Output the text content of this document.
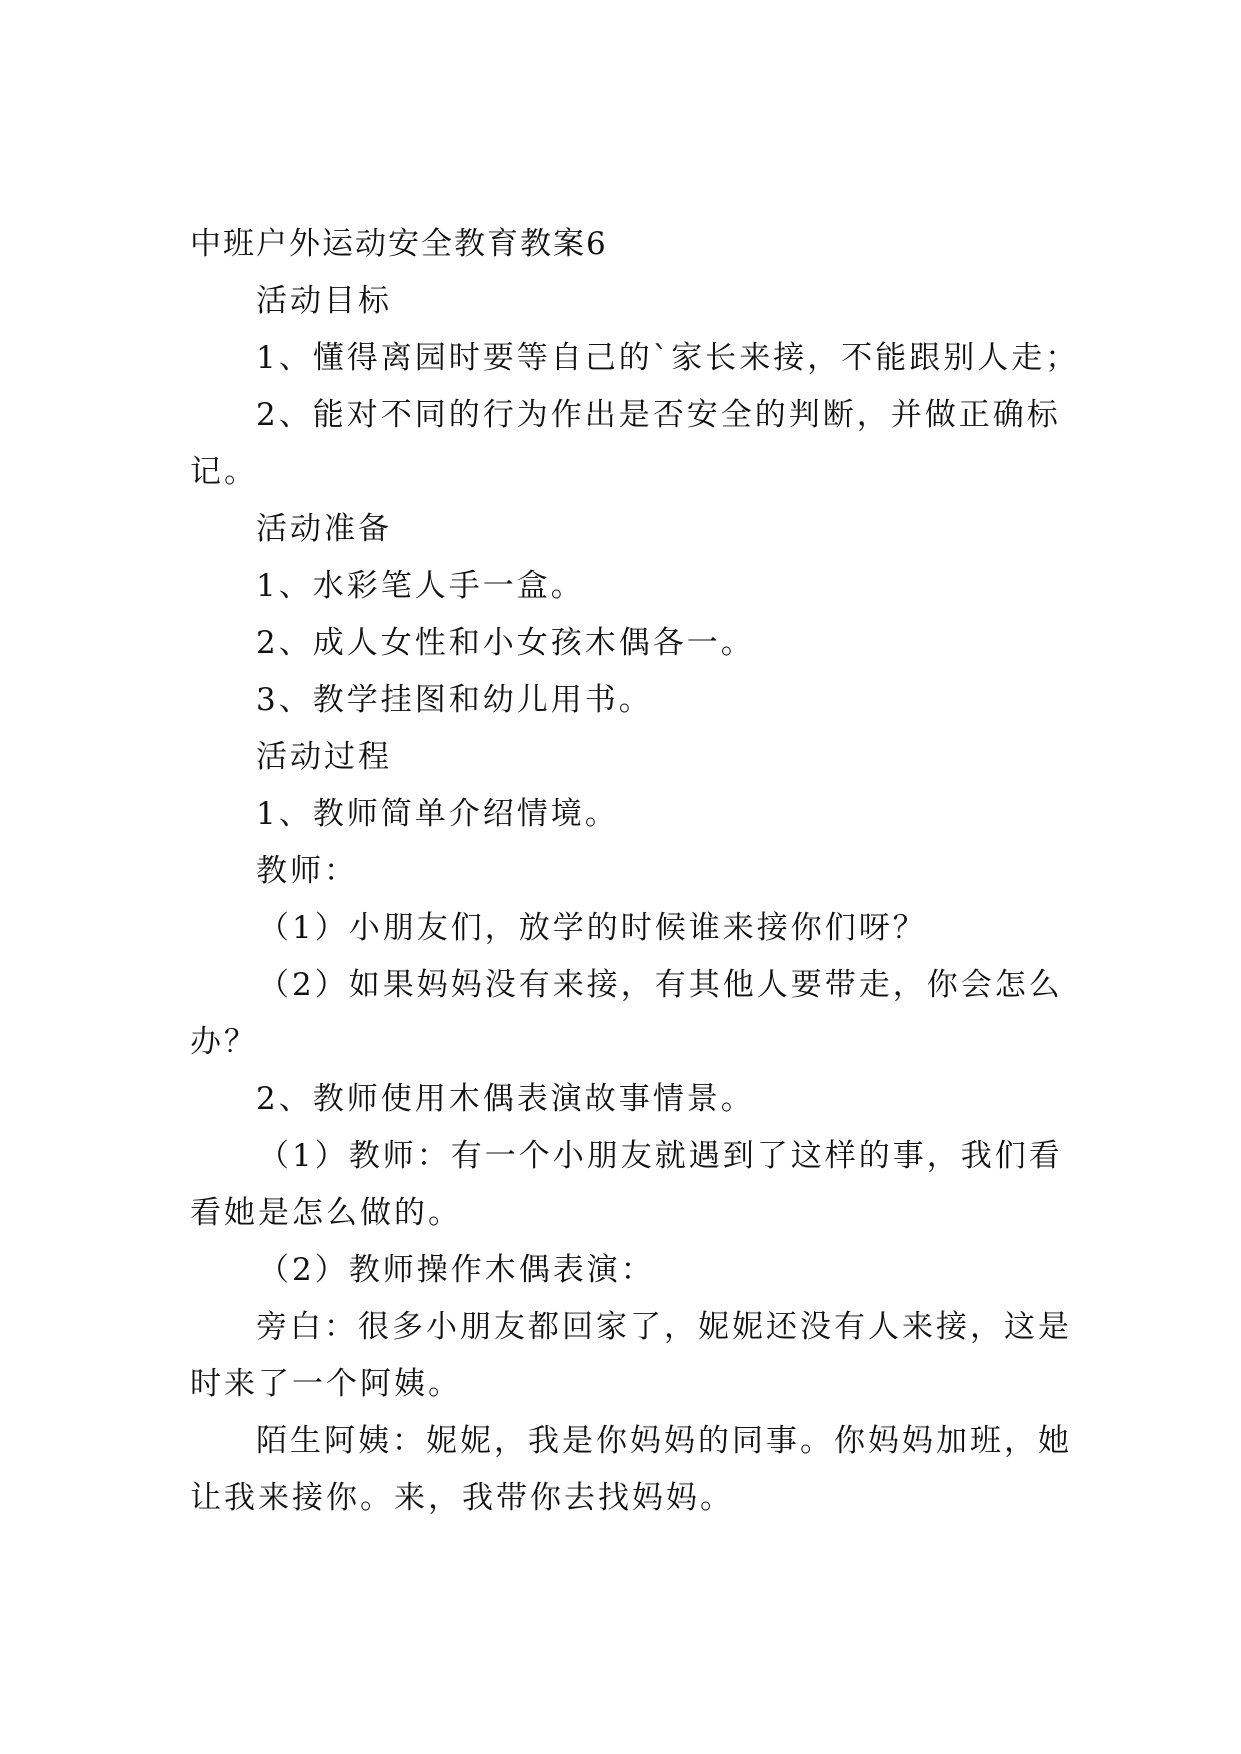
中班户外运动安全教育教案6
活动目标
1、懂得离园时要等自己的`家长来接，不能跟别人走；
2、能对不同的行为作出是否安全的判断，并做正确标
记。
活动准备
1、水彩笔人手一盒。
2、成人女性和小女孩木偶各一。
3、教学挂图和幼儿用书。
活动过程
1、教师简单介绍情境。
教师：
（1）小朋友们，放学的时候谁来接你们呀？
（2）如果妈妈没有来接，有其他人要带走，你会怎么
办？
2、教师使用木偶表演故事情景。
（1）教师：有一个小朋友就遇到了这样的事，我们看
看她是怎么做的。
（2）教师操作木偶表演：
旁白：很多小朋友都回家了，妮妮还没有人来接，这是
时来了一个阿姨。
陌生阿姨：妮妮，我是你妈妈的同事。你妈妈加班，她
让我来接你。来，我带你去找妈妈。
